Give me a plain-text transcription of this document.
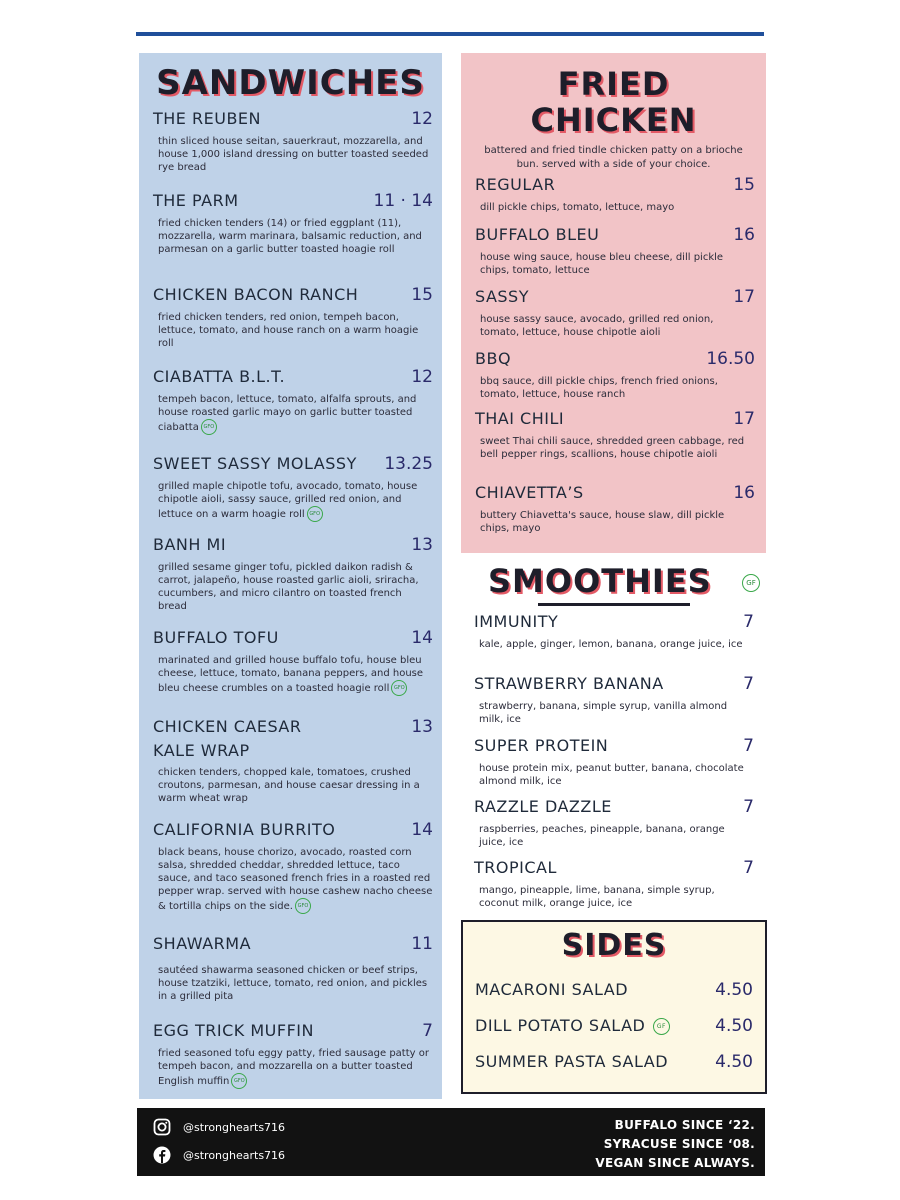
SANDWICHES
THE REUBEN	12
thin sliced house seitan, sauerkraut, mozzarella, and house 1,000 island dressing on butter toasted seeded rye bread
THE PARM	11 · 14
fried chicken tenders (14) or fried eggplant (11), mozzarella, warm marinara, balsamic reduction, and parmesan on a garlic butter toasted hoagie roll
CHICKEN BACON RANCH	15
fried chicken tenders, red onion, tempeh bacon, lettuce, tomato, and house ranch on a warm hoagie roll
CIABATTA B.L.T.	12
tempeh bacon, lettuce, tomato, alfalfa sprouts, and house roasted garlic mayo on garlic butter toasted ciabatta GFO
SWEET SASSY MOLASSY 13.25
grilled maple chipotle tofu, avocado, tomato, house chipotle aioli, sassy sauce, grilled red onion, and lettuce on a warm hoagie roll GFO
BANH MI	13
grilled sesame ginger tofu, pickled daikon radish & carrot, jalapeño, house roasted garlic aioli, sriracha, cucumbers, and micro cilantro on toasted french bread
BUFFALO TOFU	14
marinated and grilled house buffalo tofu, house bleu cheese, lettuce, tomato, banana peppers, and house bleu cheese crumbles on a toasted hoagie roll GFO
CHICKEN CAESAR	13
KALE WRAP
chicken tenders, chopped kale, tomatoes, crushed croutons, parmesan, and house caesar dressing in a warm wheat wrap
CALIFORNIA BURRITO	14
black beans, house chorizo, avocado, roasted corn salsa, shredded cheddar, shredded lettuce, taco sauce, and taco seasoned french fries in a roasted red pepper wrap. served with house cashew nacho cheese & tortilla chips on the side. GFO
SHAWARMA	11
sautéed shawarma seasoned chicken or beef strips, house tzatziki, lettuce, tomato, red onion, and pickles in a grilled pita
EGG TRICK MUFFIN	7
fried seasoned tofu eggy patty, fried sausage patty or tempeh bacon, and mozzarella on a butter toasted English muffin GFO
FRIED
CHICKEN
battered and fried tindle chicken patty on a brioche bun. served with a side of your choice.
REGULAR	15
dill pickle chips, tomato, lettuce, mayo
BUFFALO BLEU	16
house wing sauce, house bleu cheese, dill pickle chips, tomato, lettuce
SASSY	17
house sassy sauce, avocado, grilled red onion, tomato, lettuce, house chipotle aioli
BBQ	16.50
bbq sauce, dill pickle chips, french fried onions, tomato, lettuce, house ranch
THAI CHILI	17
sweet Thai chili sauce, shredded green cabbage, red bell pepper rings, scallions, house chipotle aioli
CHIAVETTA’S	16
buttery Chiavetta's sauce, house slaw, dill pickle chips, mayo
SMOOTHIES	GF
IMMUNITY	7
kale, apple, ginger, lemon, banana, orange juice, ice
STRAWBERRY BANANA	7
strawberry, banana, simple syrup, vanilla almond milk, ice
SUPER PROTEIN	7
house protein mix, peanut butter, banana, chocolate almond milk, ice
RAZZLE DAZZLE	7
raspberries, peaches, pineapple, banana, orange juice, ice
TROPICAL	7
mango, pineapple, lime, banana, simple syrup, coconut milk, orange juice, ice
SIDES
MACARONI SALAD	4.50
DILL POTATO SALAD GF	4.50
SUMMER PASTA SALAD	4.50
@stronghearts716
@stronghearts716
BUFFALO SINCE ‘22.
SYRACUSE SINCE ‘08.
VEGAN SINCE ALWAYS.
